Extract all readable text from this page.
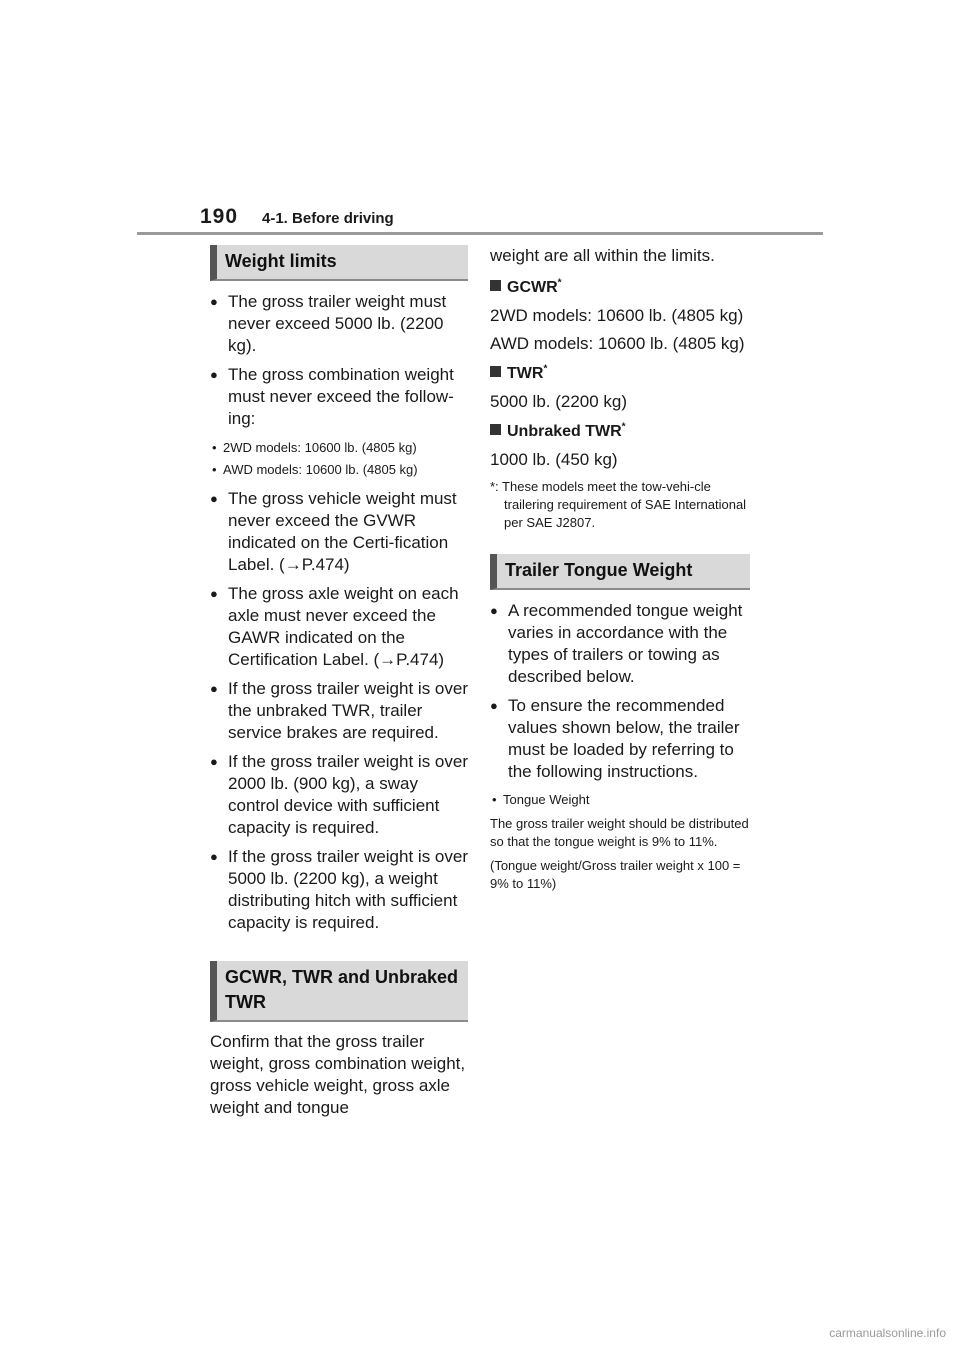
190 4-1. Before driving
Weight limits
● The gross trailer weight must never exceed 5000 lb. (2200 kg).
● The gross combination weight must never exceed the follow-ing:
• 2WD models: 10600 lb. (4805 kg)
• AWD models: 10600 lb. (4805 kg)
● The gross vehicle weight must never exceed the GVWR indicated on the Certi-fication Label. (→P.474)
● The gross axle weight on each axle must never exceed the GAWR indicated on the Certification Label. (→P.474)
● If the gross trailer weight is over the unbraked TWR, trailer service brakes are required.
● If the gross trailer weight is over 2000 lb. (900 kg), a sway control device with sufficient capacity is required.
● If the gross trailer weight is over 5000 lb. (2200 kg), a weight distributing hitch with sufficient capacity is required.
GCWR, TWR and Unbraked TWR
Confirm that the gross trailer weight, gross combination weight, gross vehicle weight, gross axle weight and tongue
weight are all within the limits.
GCWR*
2WD models: 10600 lb. (4805 kg)
AWD models: 10600 lb. (4805 kg)
TWR*
5000 lb. (2200 kg)
Unbraked TWR*
1000 lb. (450 kg)
*: These models meet the tow-vehi-cle trailering requirement of SAE International per SAE J2807.
Trailer Tongue Weight
● A recommended tongue weight varies in accordance with the types of trailers or towing as described below.
● To ensure the recommended values shown below, the trailer must be loaded by referring to the following instructions.
• Tongue Weight
The gross trailer weight should be distributed so that the tongue weight is 9% to 11%.
(Tongue weight/Gross trailer weight x 100 = 9% to 11%)
carmanualsonline.info
